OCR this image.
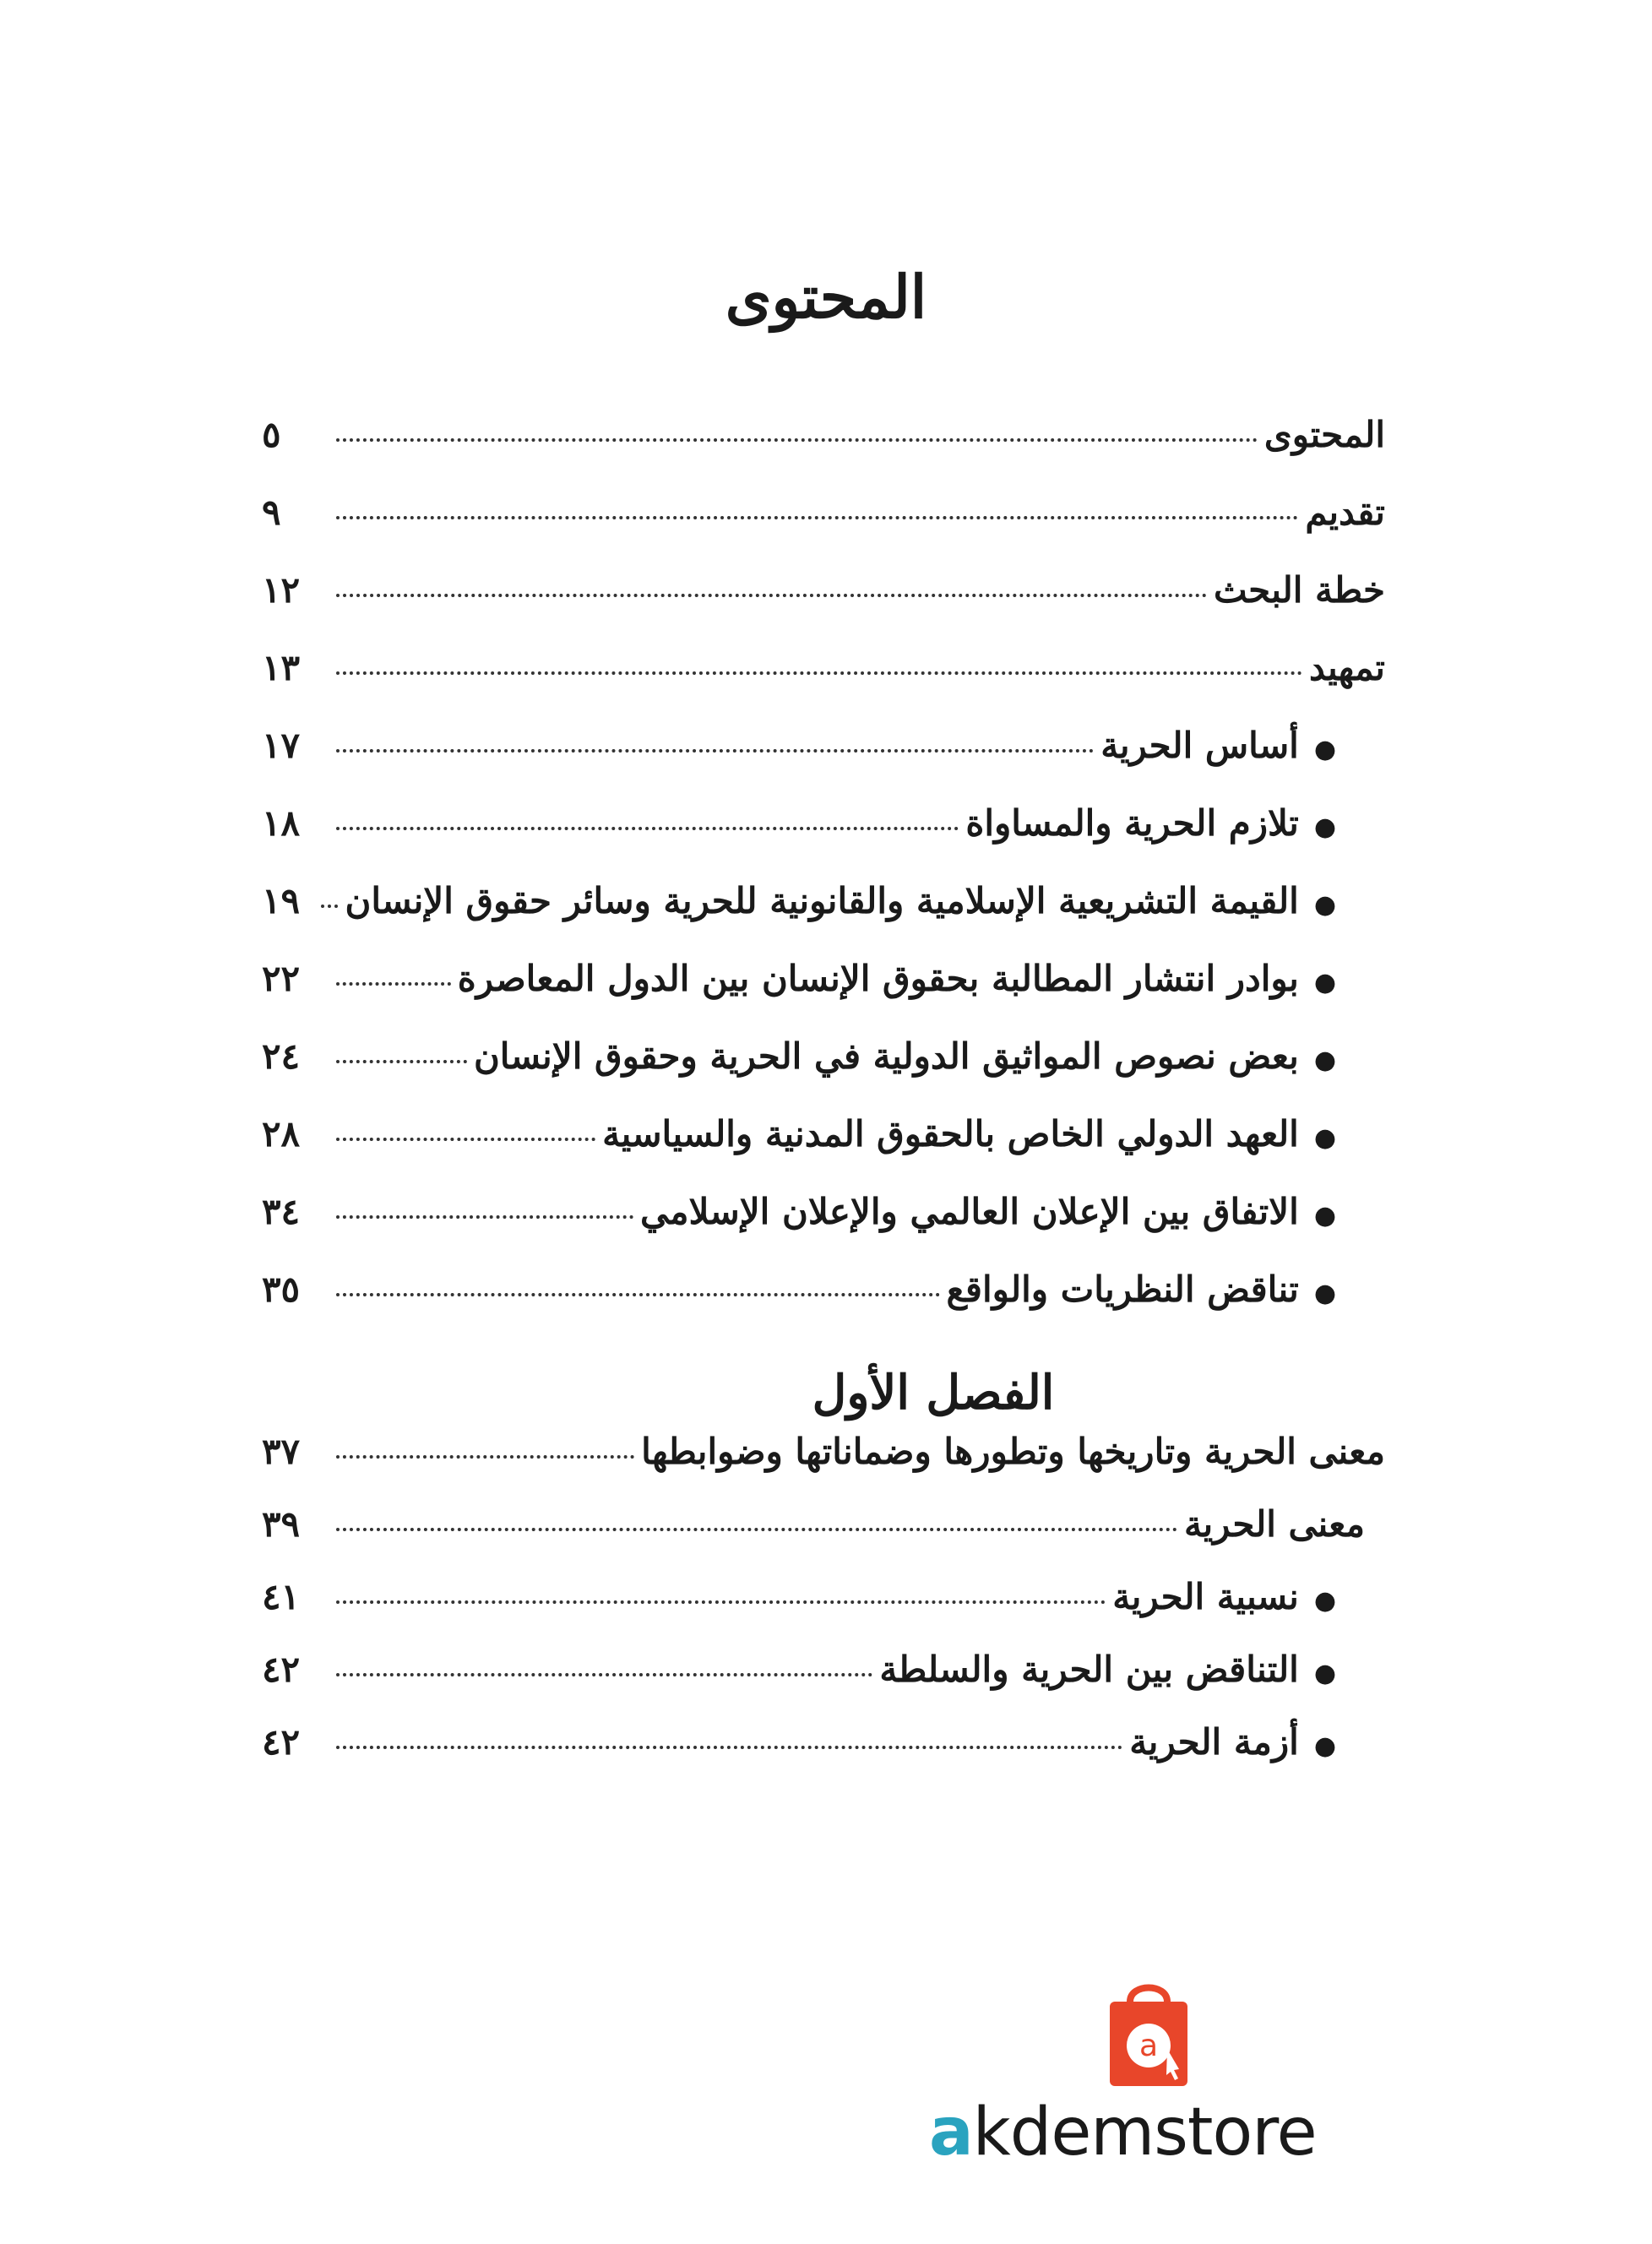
المحتوى
المحتوى
٥
تقديم
٩
خطة البحث
١٢
تمهيد
١٣
●
أساس الحرية
١٧
●
تلازم الحرية والمساواة
١٨
●
القيمة التشريعية الإسلامية والقانونية للحرية وسائر حقوق الإنسان
١٩
●
بوادر انتشار المطالبة بحقوق الإنسان بين الدول المعاصرة
٢٢
●
بعض نصوص المواثيق الدولية في الحرية وحقوق الإنسان
٢٤
●
العهد الدولي الخاص بالحقوق المدنية والسياسية
٢٨
●
الاتفاق بين الإعلان العالمي والإعلان الإسلامي
٣٤
●
تناقض النظريات والواقع
٣٥
الفصل الأول
معنى الحرية وتاريخها وتطورها وضماناتها وضوابطها
٣٧
معنى الحرية
٣٩
●
نسبية الحرية
٤١
●
التناقض بين الحرية والسلطة
٤٢
●
أزمة الحرية
٤٢
a
akdemstore
